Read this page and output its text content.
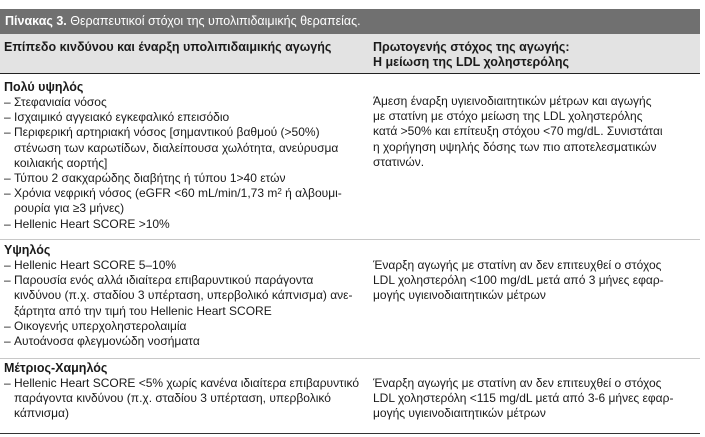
Πίνακας 3. Θεραπευτικοί στόχοι της υπολιπιδαιμικής θεραπείας.
Επίπεδο κινδύνου και έναρξη υπολιπιδαιμικής αγωγής	Πρωτογενής στόχος της αγωγής:
Η μείωση της LDL χοληστερόλης
Πολύ υψηλός
– Στεφανιαία νόσος
– Ισχαιμικό αγγειακό εγκεφαλικό επεισόδιο
– Περιφερική αρτηριακή νόσος [σημαντικού βαθμού (>50%)
στένωση των καρωτίδων, διαλείπουσα χωλότητα, ανεύρυσμα
κοιλιακής αορτής]
– Τύπου 2 σακχαρώδης διαβήτης ή τύπου 1>40 ετών
– Χρόνια νεφρική νόσος (eGFR <60 mL/min/1,73 $m^2$ ή αλβουμι-
ρουρία για ≥3 μήνες)
– Hellenic Heart SCORE >10%
Άμεση έναρξη υγιεινοδιαιτητικών μέτρων και αγωγής
με στατίνη με στόχο μείωση της LDL χοληστερόλης
κατά >50% και επίτευξη στόχου <70 mg/dL. Συνιστάται
η χορήγηση υψηλής δόσης των πιο αποτελεσματικών
στατινών.
Υψηλός
– Hellenic Heart SCORE 5–10%
– Παρουσία ενός αλλά ιδιαίτερα επιβαρυντικού παράγοντα
κινδύνου (π.χ. σταδίου 3 υπέρταση, υπερβολικό κάπνισμα) ανε-
ξάρτητα από την τιμή του Hellenic Heart SCORE
– Οικογενής υπερχοληστερολαιμία
– Αυτοάνοσα φλεγμονώδη νοσήματα
Έναρξη αγωγής με στατίνη αν δεν επιτευχθεί ο στόχος
LDL χοληστερόλη <100 mg/dL μετά από 3 μήνες εφαρ-
μογής υγιεινοδιαιτητικών μέτρων
Μέτριος-Χαμηλός
– Hellenic Heart SCORE <5% χωρίς κανένα ιδιαίτερα επιβαρυντικό
παράγοντα κινδύνου (π.χ. σταδίου 3 υπέρταση, υπερβολικό
κάπνισμα)
Έναρξη αγωγής με στατίνη αν δεν επιτευχθεί ο στόχος
LDL χοληστερόλη <115 mg/dL μετά από 3-6 μήνες εφαρ-
μογής υγιεινοδιαιτητικών μέτρων
